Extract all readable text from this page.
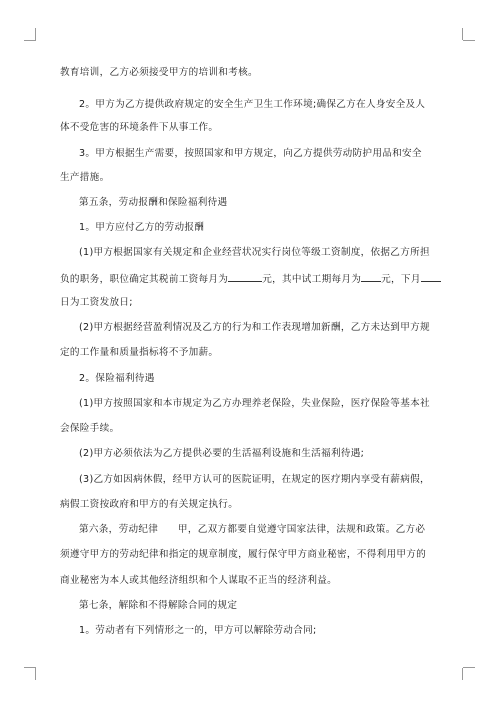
教育培训，乙方必须接受甲方的培训和考核。
2。甲方为乙方提供政府规定的安全生产卫生工作环境;确保乙方在人身安全及人
体不受危害的环境条件下从事工作。
3。甲方根据生产需要，按照国家和甲方规定，向乙方提供劳动防护用品和安全
生产措施。
第五条，劳动报酬和保险福利待遇
1。甲方应付乙方的劳动报酬
(1)甲方根据国家有关规定和企业经营状况实行岗位等级工资制度，依据乙方所担
负的职务，职位确定其税前工资每月为	元，其中试工期每月为 元，下月
日为工资发放日;
(2)甲方根据经营盈利情况及乙方的行为和工作表现增加新酬，乙方未达到甲方规
定的工作量和质量指标将不予加薪。
2。保险福利待遇
(1)甲方按照国家和本市规定为乙方办理养老保险，失业保险，医疗保险等基本社
会保险手续。
(2)甲方必须依法为乙方提供必要的生活福利设施和生活福利待遇;
(3)乙方如因病休假，经甲方认可的医院证明，在规定的医疗期内享受有薪病假，
病假工资按政府和甲方的有关规定执行。
第六条，劳动纪律　　甲，乙双方都要自觉遵守国家法律，法规和政策。乙方必
须遵守甲方的劳动纪律和指定的规章制度，履行保守甲方商业秘密，不得利用甲方的
商业秘密为本人或其他经济组织和个人谋取不正当的经济利益。
第七条，解除和不得解除合同的规定
1。劳动者有下列情形之一的，甲方可以解除劳动合同;
